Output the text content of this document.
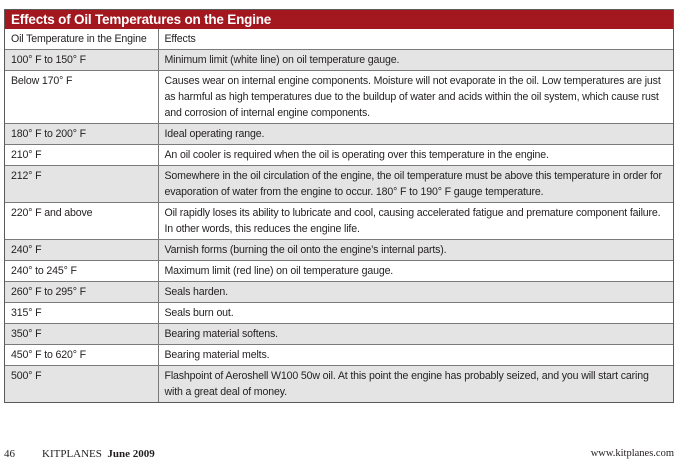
Effects of Oil Temperatures on the Engine
Oil Temperature in the Engine	Effects
100° F to 150° F	Minimum limit (white line) on oil temperature gauge.
Below 170° F	Causes wear on internal engine components. Moisture will not evaporate in the oil. Low temperatures are just as harmful as high temperatures due to the buildup of water and acids within the oil system, which cause rust and corrosion of internal engine components.
180° F to 200° F	Ideal operating range.
210° F	An oil cooler is required when the oil is operating over this temperature in the engine.
212° F	Somewhere in the oil circulation of the engine, the oil temperature must be above this temperature in order for evaporation of water from the engine to occur. 180° F to 190° F gauge temperature.
220° F and above	Oil rapidly loses its ability to lubricate and cool, causing accelerated fatigue and premature component failure. In other words, this reduces the engine life.
240° F	Varnish forms (burning the oil onto the engine’s internal parts).
240° to 245° F	Maximum limit (red line) on oil temperature gauge.
260° F to 295° F	Seals harden.
315° F	Seals burn out.
350° F	Bearing material softens.
450° F to 620° F	Bearing material melts.
500° F	Flashpoint of Aeroshell W100 50w oil. At this point the engine has probably seized, and you will start caring with a great deal of money.
46 KITPLANES June 2009	www.kitplanes.com
